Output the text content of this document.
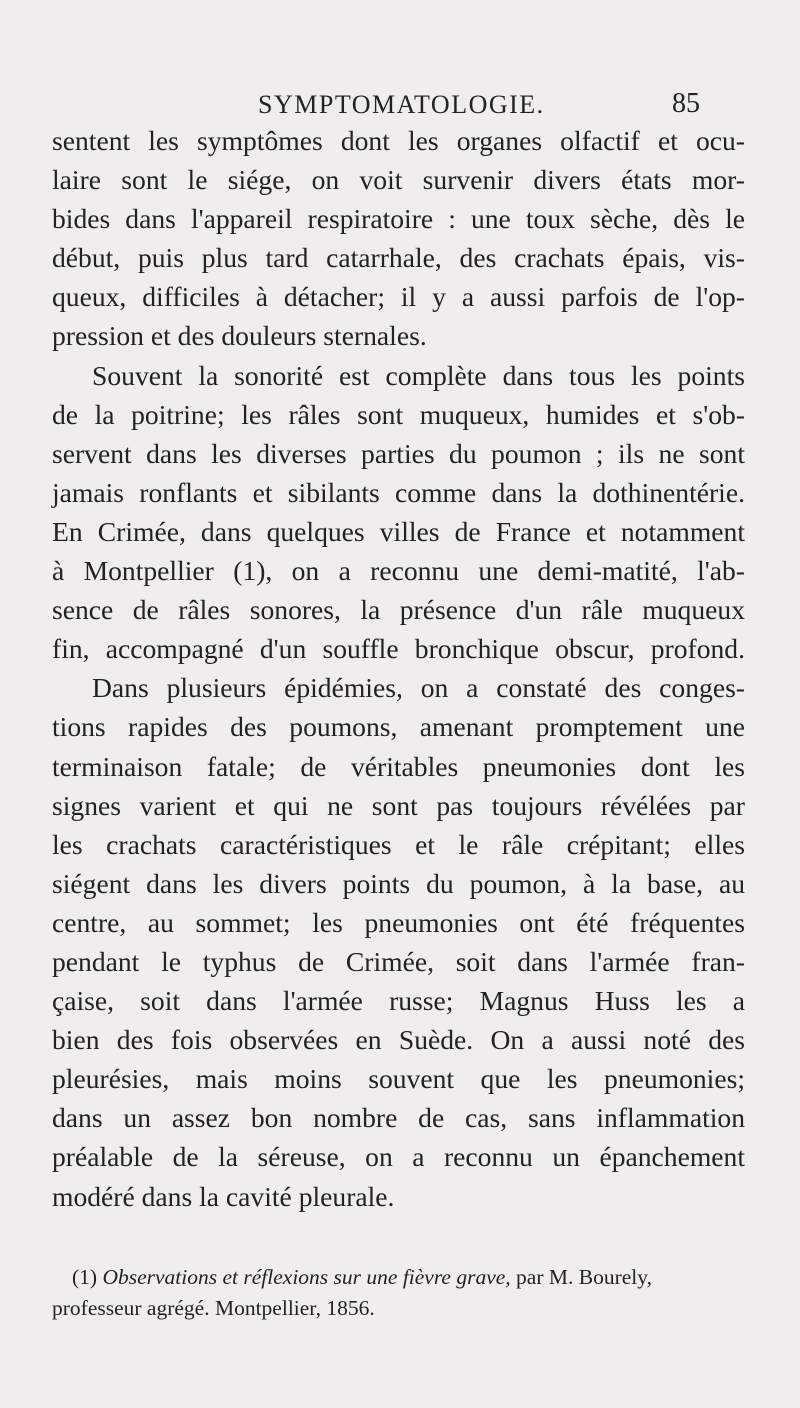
SYMPTOMATOLOGIE.	85
sentent les symptômes dont les organes olfactif et ocu-
laire sont le siége, on voit survenir divers états mor-
bides dans l'appareil respiratoire : une toux sèche, dès le
début, puis plus tard catarrhale, des crachats épais, vis-
queux, difficiles à détacher; il y a aussi parfois de l'op-
pression et des douleurs sternales.
Souvent la sonorité est complète dans tous les points
de la poitrine; les râles sont muqueux, humides et s'ob-
servent dans les diverses parties du poumon ; ils ne sont
jamais ronflants et sibilants comme dans la dothinentérie.
En Crimée, dans quelques villes de France et notamment
à Montpellier (1), on a reconnu une demi-matité, l'ab-
sence de râles sonores, la présence d'un râle muqueux
fin, accompagné d'un souffle bronchique obscur, profond.
Dans plusieurs épidémies, on a constaté des conges-
tions rapides des poumons, amenant promptement une
terminaison fatale; de véritables pneumonies dont les
signes varient et qui ne sont pas toujours révélées par
les crachats caractéristiques et le râle crépitant; elles
siégent dans les divers points du poumon, à la base, au
centre, au sommet; les pneumonies ont été fréquentes
pendant le typhus de Crimée, soit dans l'armée fran-
çaise, soit dans l'armée russe; Magnus Huss les a
bien des fois observées en Suède. On a aussi noté des
pleurésies, mais moins souvent que les pneumonies;
dans un assez bon nombre de cas, sans inflammation
préalable de la séreuse, on a reconnu un épanchement
modéré dans la cavité pleurale.
(1) Observations et réflexions sur une fièvre grave, par M. Bourely,
professeur agrégé. Montpellier, 1856.
